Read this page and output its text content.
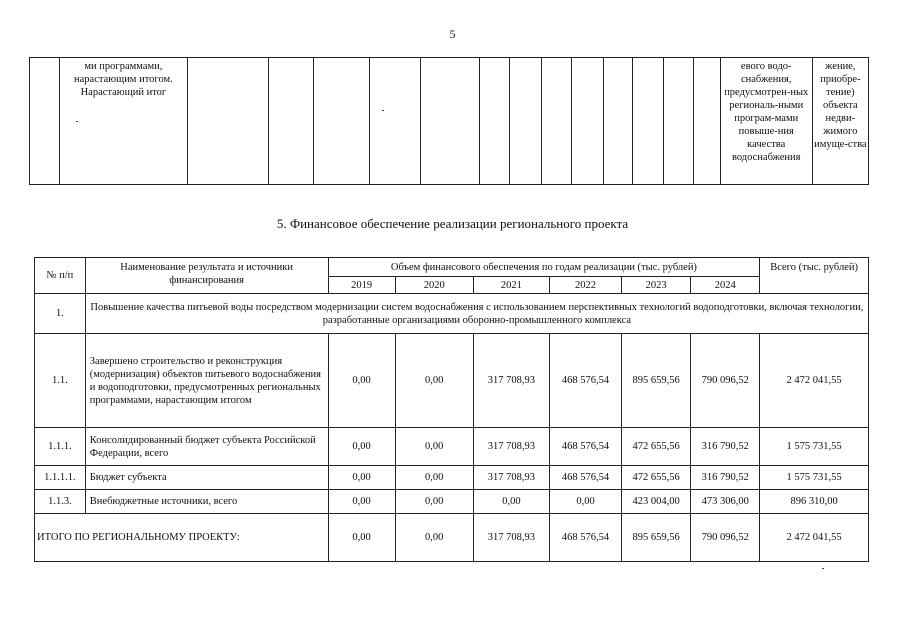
5
	ми программами, нарастающим итогом. Нарастающий итог														евого водо-снабжения, предусмотрен-ных региональ-ными програм-мами повыше-ния качества водоснабжения	жение, приобре-тение) объекта недви-жимого имуще-ства
5. Финансовое обеспечение реализации регионального проекта
№ п/п	Наименование результата и источники финансирования	Объем финансового обеспечения по годам реализации (тыс. рублей)						Всего (тыс. рублей)
		2019	2020	2021	2022	2023	2024	
1.	Повышение качества питьевой воды посредством модернизации систем водоснабжения с использованием перспективных технологий водоподготовки, включая технологии, разработанные организациями оборонно-промышленного комплекса							
1.1.	Завершено строительство и реконструкция (модернизация) объектов питьевого водоснабжения и водоподготовки, предусмотренных региональных программами, нарастающим итогом	0,00	0,00	317 708,93	468 576,54	895 659,56	790 096,52	2 472 041,55
1.1.1.	Консолидированный бюджет субъекта Российской Федерации, всего	0,00	0,00	317 708,93	468 576,54	472 655,56	316 790,52	1 575 731,55
1.1.1.1.	Бюджет субъекта	0,00	0,00	317 708,93	468 576,54	472 655,56	316 790,52	1 575 731,55
1.1.3.	Внебюджетные источники, всего	0,00	0,00	0,00	0,00	423 004,00	473 306,00	896 310,00
ИТОГО ПО РЕГИОНАЛЬНОМУ ПРОЕКТУ:		0,00	0,00	317 708,93	468 576,54	895 659,56	790 096,52	2 472 041,55
